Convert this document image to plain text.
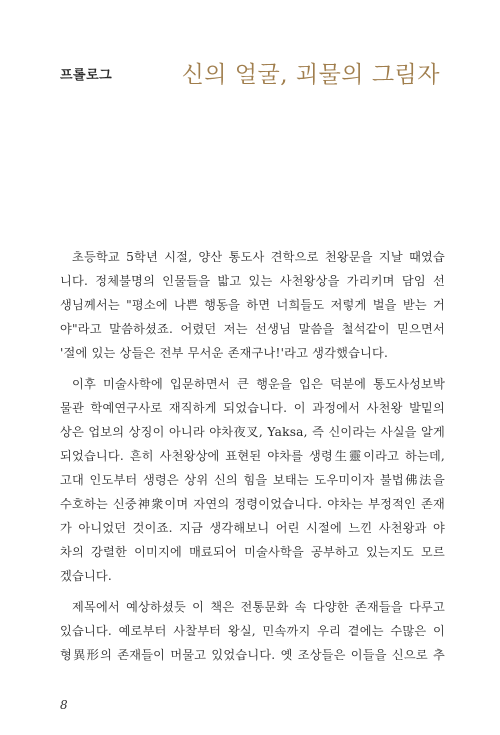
프롤로그	신의 얼굴, 괴물의 그림자
초등학교 5학년 시절, 양산 통도사 견학으로 천왕문을 지날 때였습
니다. 정체불명의 인물들을 밟고 있는 사천왕상을 가리키며 담임 선
생님께서는 "평소에 나쁜 행동을 하면 너희들도 저렇게 벌을 받는 거
야"라고 말씀하셨죠. 어렸던 저는 선생님 말씀을 철석같이 믿으면서
'절에 있는 상들은 전부 무서운 존재구나!'라고 생각했습니다.
이후 미술사학에 입문하면서 큰 행운을 입은 덕분에 통도사성보박
물관 학예연구사로 재직하게 되었습니다. 이 과정에서 사천왕 발밑의
상은 업보의 상징이 아니라 야차夜叉, Yaksa, 즉 신이라는 사실을 알게
되었습니다. 흔히 사천왕상에 표현된 야차를 생령生靈이라고 하는데,
고대 인도부터 생령은 상위 신의 힘을 보태는 도우미이자 불법佛法을
수호하는 신중神衆이며 자연의 정령이었습니다. 야차는 부정적인 존재
가 아니었던 것이죠. 지금 생각해보니 어린 시절에 느낀 사천왕과 야
차의 강렬한 이미지에 매료되어 미술사학을 공부하고 있는지도 모르
겠습니다.
제목에서 예상하셨듯 이 책은 전통문화 속 다양한 존재들을 다루고
있습니다. 예로부터 사찰부터 왕실, 민속까지 우리 곁에는 수많은 이
형異形의 존재들이 머물고 있었습니다. 옛 조상들은 이들을 신으로 추
8
